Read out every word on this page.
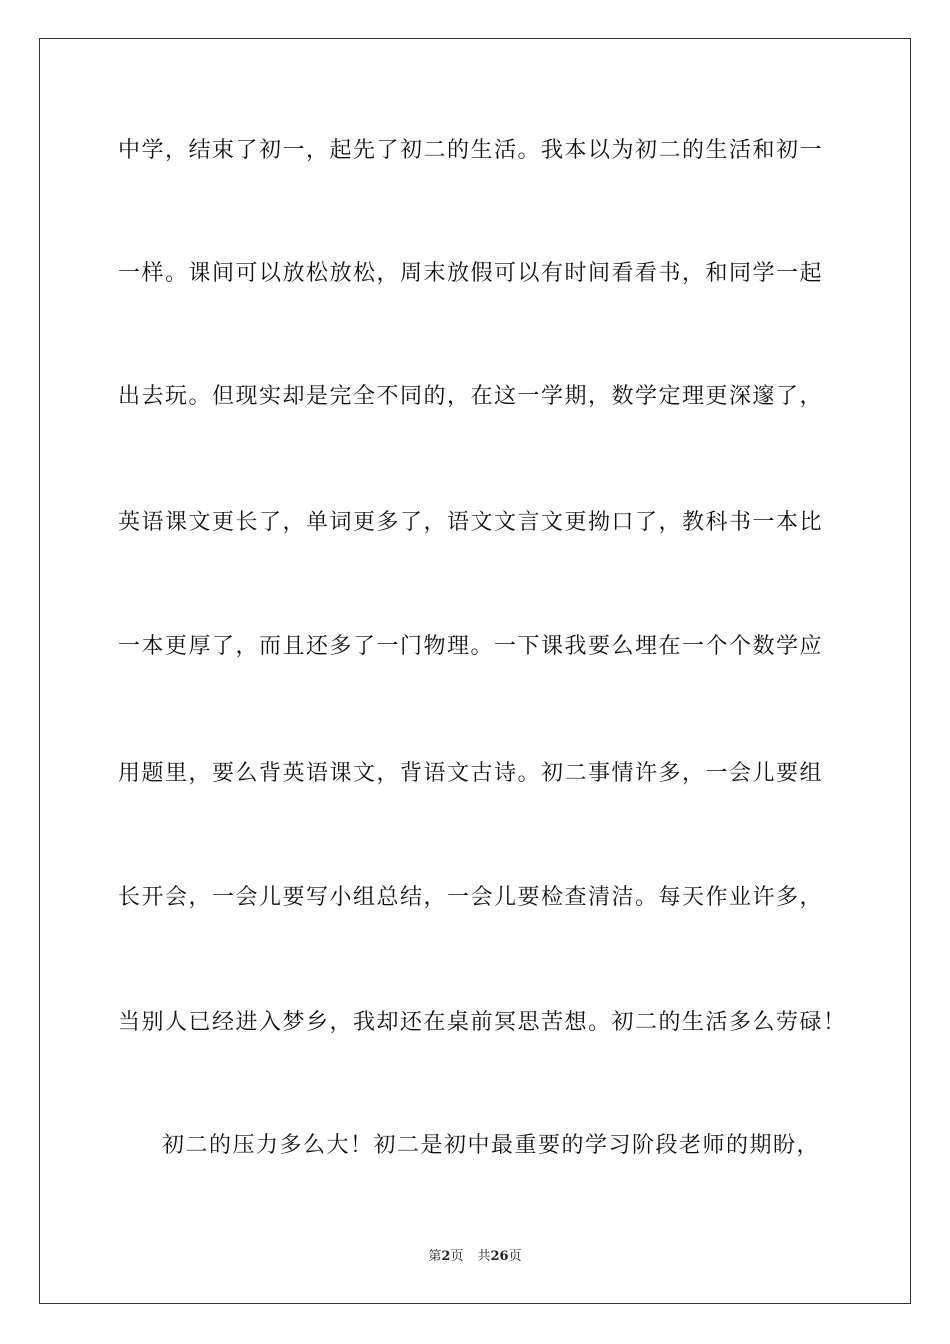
中学，结束了初一，起先了初二的生活。我本以为初二的生活和初一
一样。课间可以放松放松，周末放假可以有时间看看书，和同学一起
出去玩。但现实却是完全不同的，在这一学期，数学定理更深邃了，
英语课文更长了，单词更多了，语文文言文更拗口了，教科书一本比
一本更厚了，而且还多了一门物理。一下课我要么埋在一个个数学应
用题里，要么背英语课文，背语文古诗。初二事情许多，一会儿要组
长开会，一会儿要写小组总结，一会儿要检查清洁。每天作业许多，
当别人已经进入梦乡，我却还在桌前冥思苦想。初二的生活多么劳碌！
初二的压力多么大！初二是初中最重要的学习阶段老师的期盼，
第2页 共26页
